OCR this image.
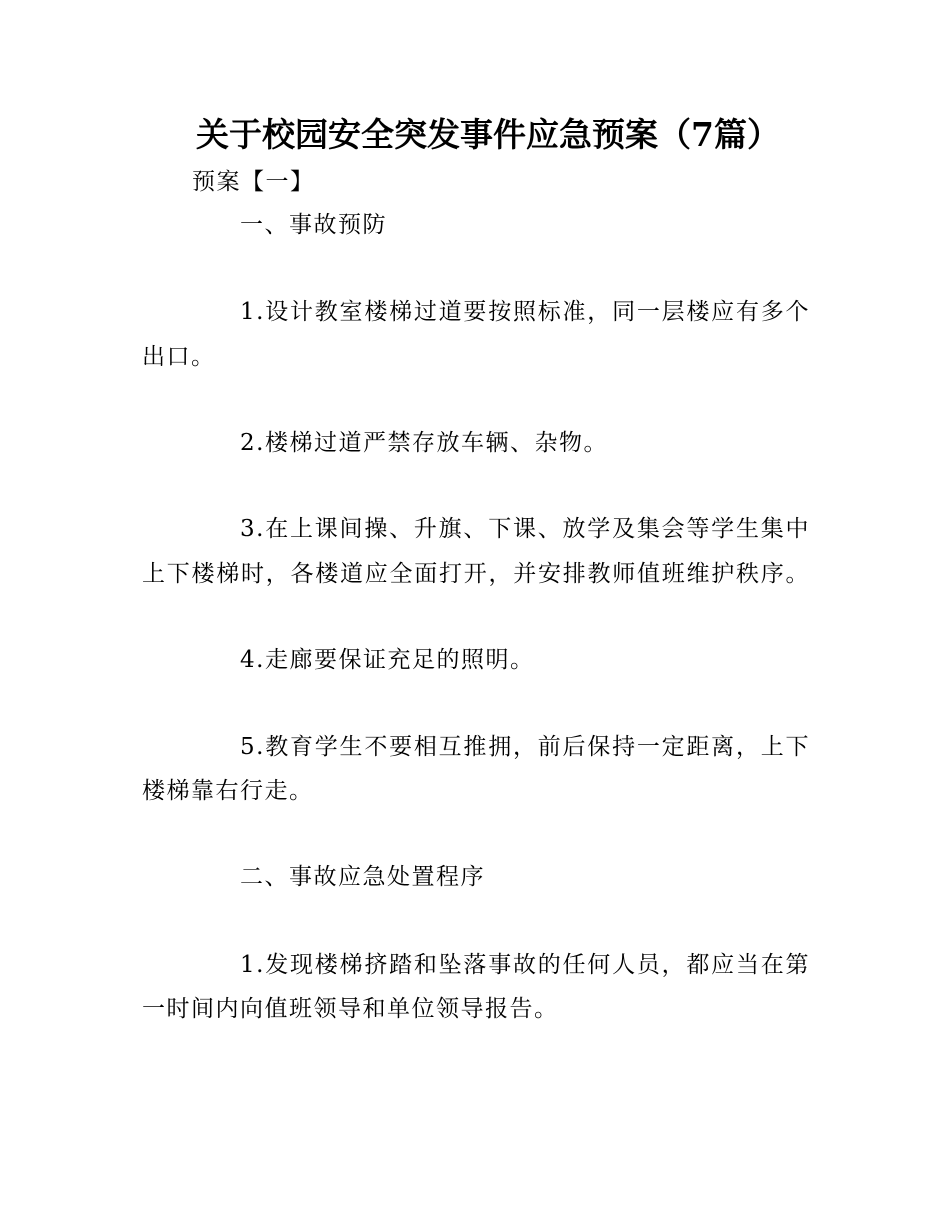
关于校园安全突发事件应急预案（7篇）
预案【一】
一、事故预防
1.设计教室楼梯过道要按照标准，同一层楼应有多个
出口。
2.楼梯过道严禁存放车辆、杂物。
3.在上课间操、升旗、下课、放学及集会等学生集中
上下楼梯时，各楼道应全面打开，并安排教师值班维护秩序。
4.走廊要保证充足的照明。
5.教育学生不要相互推拥，前后保持一定距离，上下
楼梯靠右行走。
二、事故应急处置程序
1.发现楼梯挤踏和坠落事故的任何人员，都应当在第
一时间内向值班领导和单位领导报告。
